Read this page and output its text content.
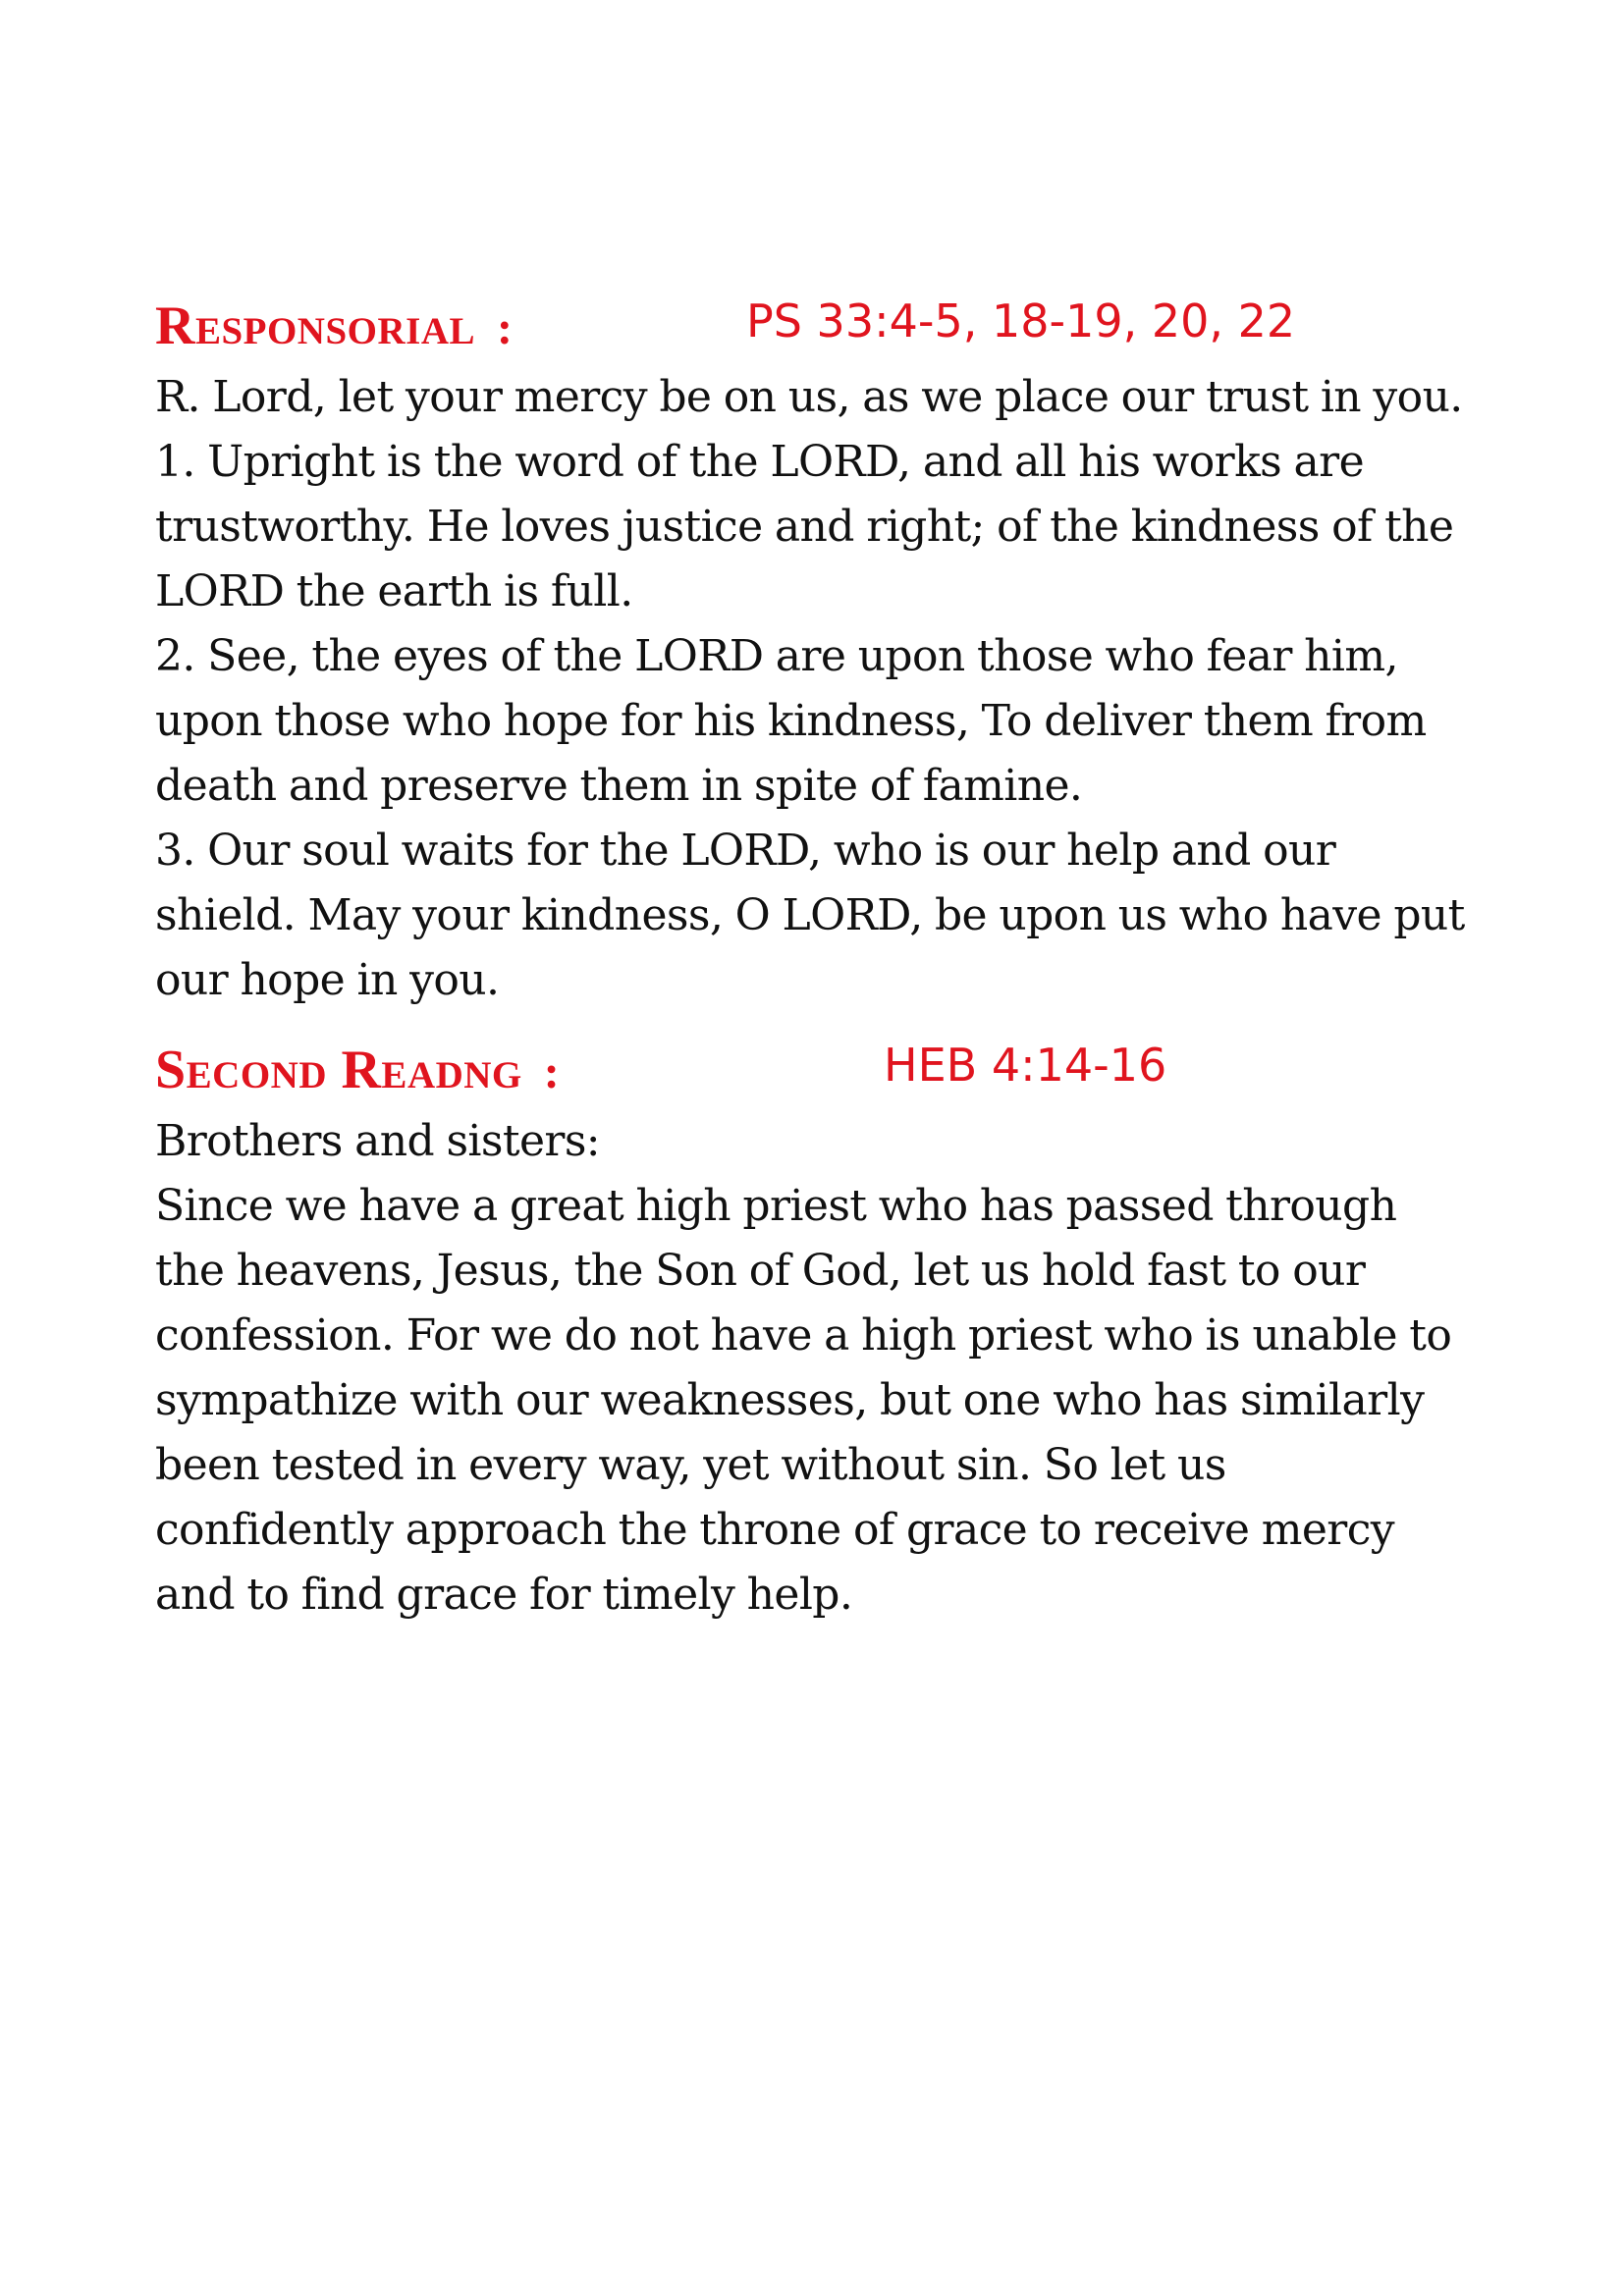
Responsorial :	PS 33:4-5, 18-19, 20, 22

R. Lord, let your mercy be on us, as we place our trust in you.

1. Upright is the word of the LORD, and all his works are trustworthy. He loves justice and right; of the kindness of the LORD the earth is full.

2. See, the eyes of the LORD are upon those who fear him, upon those who hope for his kindness, To deliver them from death and preserve them in spite of famine.

3. Our soul waits for the LORD, who is our help and our shield. May your kindness, O LORD, be upon us who have put our hope in you.

Second Readng :	HEB 4:14-16

Brothers and sisters:

Since we have a great high priest who has passed through the heavens, Jesus, the Son of God, let us hold fast to our confession. For we do not have a high priest who is unable to sympathize with our weaknesses, but one who has similarly been tested in every way, yet without sin. So let us confidently approach the throne of grace to receive mercy and to find grace for timely help.
